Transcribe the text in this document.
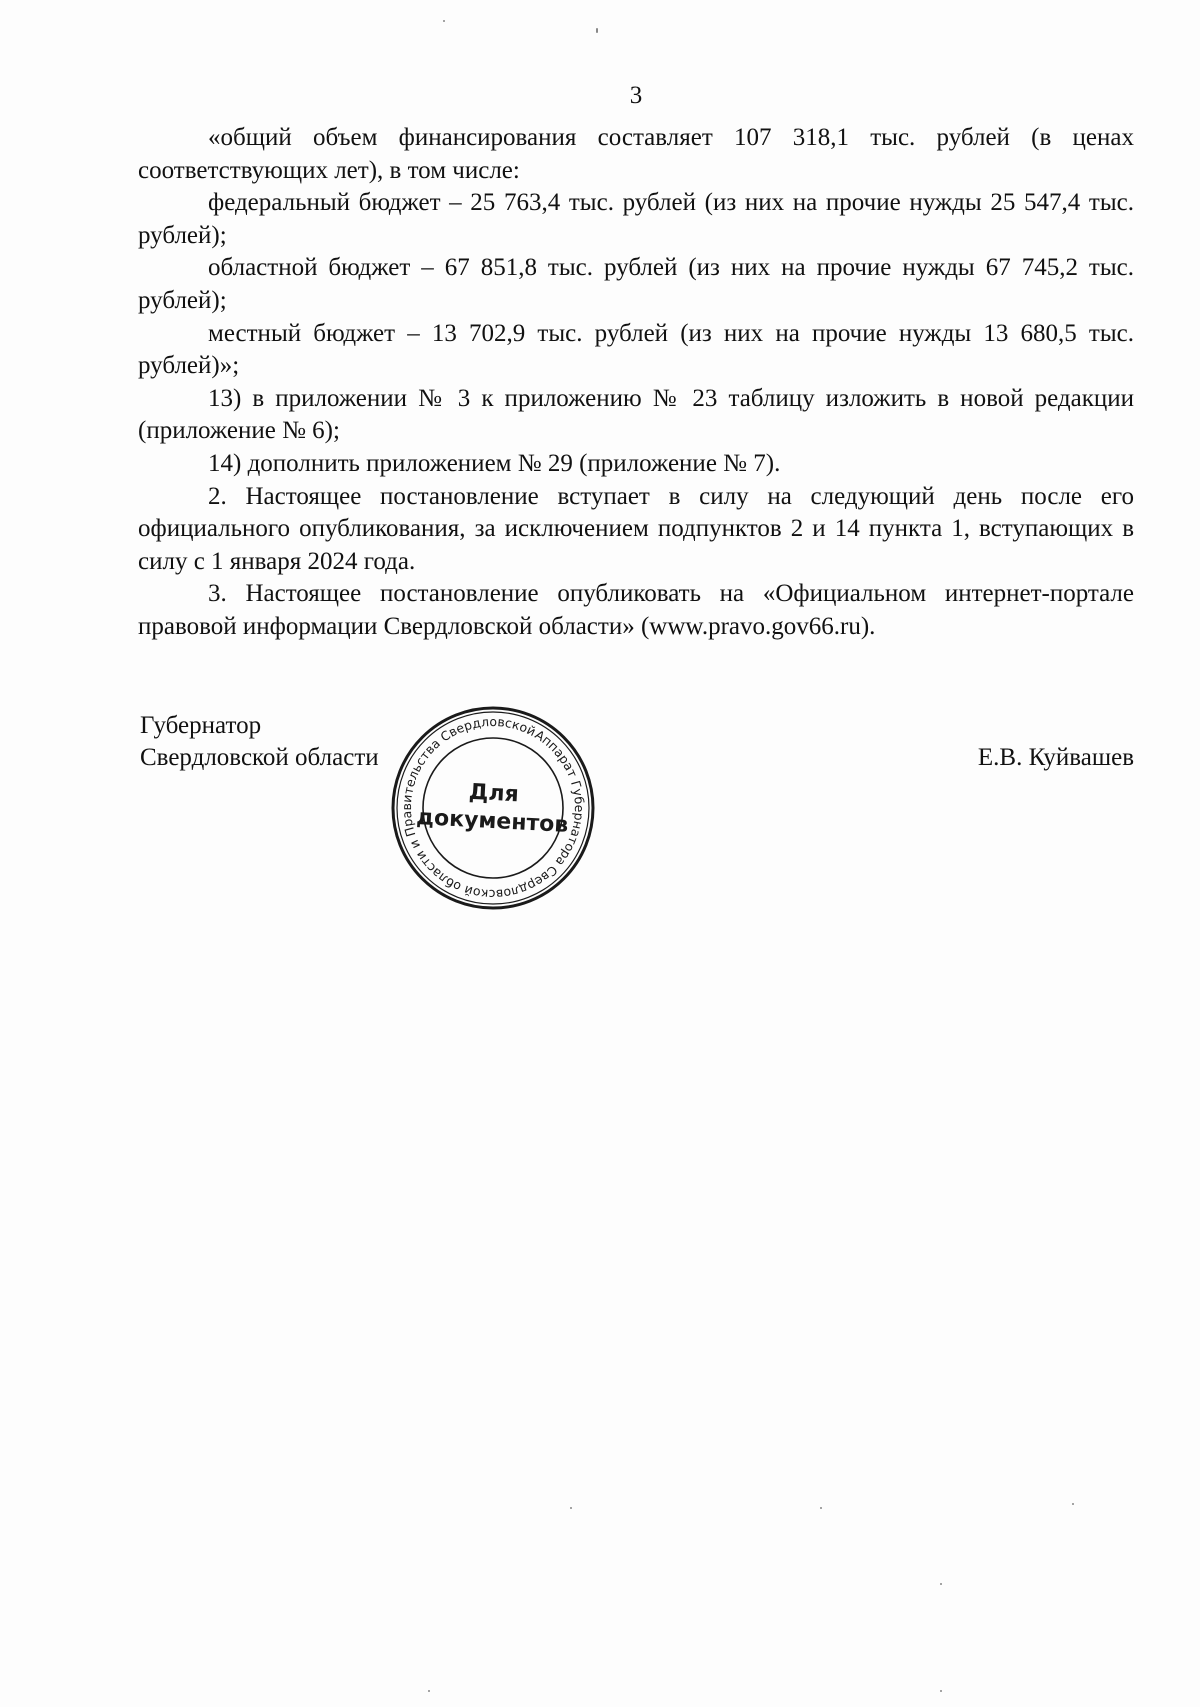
3

«общий объем финансирования составляет 107 318,1 тыс. рублей (в ценах соответствующих лет), в том числе:

федеральный бюджет – 25 763,4 тыс. рублей (из них на прочие нужды 25 547,4 тыс. рублей);

областной бюджет – 67 851,8 тыс. рублей (из них на прочие нужды 67 745,2 тыс. рублей);

местный бюджет – 13 702,9 тыс. рублей (из них на прочие нужды 13 680,5 тыс. рублей)»;

13) в приложении № 3 к приложению № 23 таблицу изложить в новой редакции (приложение № 6);

14) дополнить приложением № 29 (приложение № 7).

2. Настоящее постановление вступает в силу на следующий день после его официального опубликования, за исключением подпунктов 2 и 14 пункта 1, вступающих в силу с 1 января 2024 года.

3. Настоящее постановление опубликовать на «Официальном интернет-портале правовой информации Свердловской области» (www.pravo.gov66.ru).

Губернатор
Свердловской области	Е.В. Куйвашев
Аппарат Губернатора Свердловской области и Правительства Свердловской
Для
документов
